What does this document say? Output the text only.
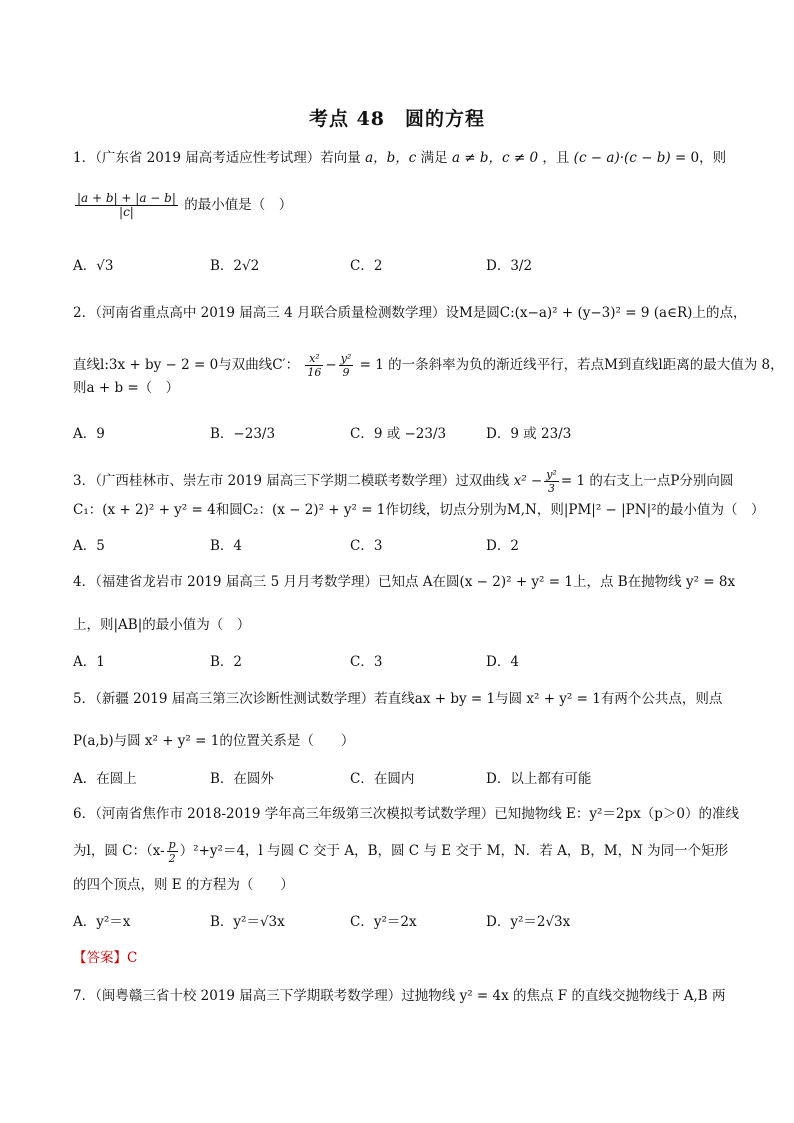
考点 48　圆的方程
1．（广东省 2019 届高考适应性考试理）若向量 a，b，c 满足 a ≠ b，c ≠ 0 ，且 (c − a)·(c − b) = 0，则
$\frac{|a + b| + |a - b|}{|c|}$ 的最小值是（　）
A．√3	B．2√2	C．2	D．3/2
2．（河南省重点高中 2019 届高三 4 月联合质量检测数学理）设M是圆C:(x−a)² + (y−3)² = 9 (a∈R)上的点，
直线l:3x + by − 2 = 0与双曲线C′： $\frac{\text{x²}}{16} - \frac{\text{y²}}{9} = 1$ 的一条斜率为负的渐近线平行，若点M到直线l距离的最大值为 8，
则a + b =（　）
A．9	B．−23/3	C．9 或 −23/3	D．9 或 23/3
3．（广西桂林市、崇左市 2019 届高三下学期二模联考数学理）过双曲线 $x^2 - \frac{\text{y²}}{3} = 1$ 的右支上一点P分别向圆
C₁：(x + 2)² + y² = 4和圆C₂：(x − 2)² + y² = 1作切线，切点分别为M,N，则|PM|² − |PN|²的最小值为（　）
A．5	B．4	C．3	D．2
4．（福建省龙岩市 2019 届高三 5 月月考数学理）已知点 A在圆(x − 2)² + y² = 1上，点 B在抛物线 y² = 8x
上，则|AB|的最小值为（　）
A．1	B．2	C．3	D．4
5．（新疆 2019 届高三第三次诊断性测试数学理）若直线ax + by = 1与圆 x² + y² = 1有两个公共点，则点
P(a,b)与圆 x² + y² = 1的位置关系是（　　）
A．在圆上	B．在圆外	C．在圆内	D．以上都有可能
6．（河南省焦作市 2018-2019 学年高三年级第三次模拟考试数学理）已知抛物线 E：y²＝2px（p＞0）的准线
为l，圆 C：$(x- \frac{p}{2} )^2+y^2=4$，l 与圆 C 交于 A，B，圆 C 与 E 交于 M，N．若 A，B，M，N 为同一个矩形
的四个顶点，则 E 的方程为（　　）
A．y²＝x	B．y²＝√3x	C．y²＝2x	D．y²＝2√3x
【答案】C
7．（闽粤赣三省十校 2019 届高三下学期联考数学理）过抛物线 y² = 4x 的焦点 F 的直线交抛物线于 A,B 两
